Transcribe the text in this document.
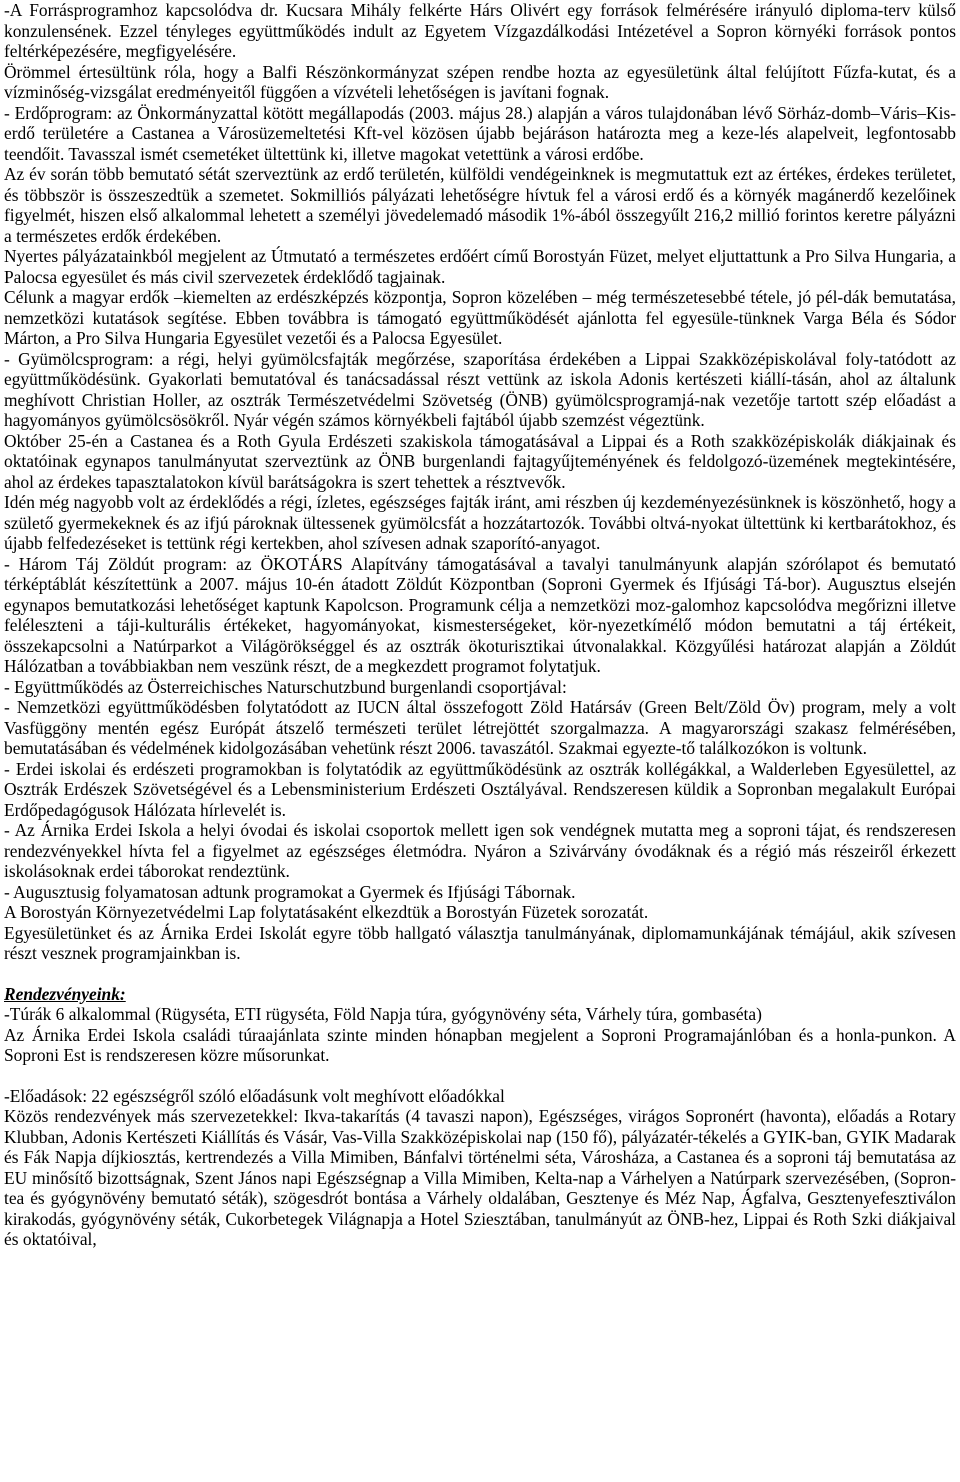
-A Forrásprogramhoz kapcsolódva dr. Kucsara Mihály felkérte Hárs Olivért egy források felmérésére irányuló diploma-terv külső konzulensének. Ezzel tényleges együttműködés indult az Egyetem Vízgazdálkodási Intézetével a Sopron környéki források pontos feltérképezésére, megfigyelésére.

Örömmel értesültünk róla, hogy a Balfi Részönkormányzat szépen rendbe hozta az egyesületünk által felújított Fűzfa-kutat, és a vízminőség-vizsgálat eredményeitől függően a vízvételi lehetőségen is javítani fognak.

- Erdőprogram: az Önkormányzattal kötött megállapodás (2003. május 28.) alapján a város tulajdonában lévő Sörház-domb–Váris–Kis-erdő területére a Castanea a Városüzemeltetési Kft-vel közösen újabb bejáráson határozta meg a keze-lés alapelveit, legfontosabb teendőit. Tavasszal ismét csemetéket ültettünk ki, illetve magokat vetettünk a városi erdőbe.

Az év során több bemutató sétát szerveztünk az erdő területén, külföldi vendégeinknek is megmutattuk ezt az értékes, érdekes területet, és többször is összeszedtük a szemetet. Sokmilliós pályázati lehetőségre hívtuk fel a városi erdő és a környék magánerdő kezelőinek figyelmét, hiszen első alkalommal lehetett a személyi jövedelemadó második 1%-ából összegyűlt 216,2 millió forintos keretre pályázni a természetes erdők érdekében.

Nyertes pályázatainkból megjelent az Útmutató a természetes erdőért című Borostyán Füzet, melyet eljuttattunk a Pro Silva Hungaria, a Palocsa egyesület és más civil szervezetek érdeklődő tagjainak.

Célunk a magyar erdők –kiemelten az erdészképzés központja, Sopron közelében – még természetesebbé tétele, jó pél-dák bemutatása, nemzetközi kutatások segítése. Ebben továbbra is támogató együttműködését ajánlotta fel egyesüle-tünknek Varga Béla és Sódor Márton, a Pro Silva Hungaria Egyesület vezetői és a Palocsa Egyesület.

- Gyümölcsprogram: a régi, helyi gyümölcsfajták megőrzése, szaporítása érdekében a Lippai Szakközépiskolával foly-tatódott az együttműködésünk. Gyakorlati bemutatóval és tanácsadással részt vettünk az iskola Adonis kertészeti kiállí-tásán, ahol az általunk meghívott Christian Holler, az osztrák Természetvédelmi Szövetség (ÖNB) gyümölcsprogramjá-nak vezetője tartott szép előadást a hagyományos gyümölcsösökről. Nyár végén számos környékbeli fajtából újabb szemzést végeztünk.

Október 25-én a Castanea és a Roth Gyula Erdészeti szakiskola támogatásával a Lippai és a Roth szakközépiskolák diákjainak és oktatóinak egynapos tanulmányutat szerveztünk az ÖNB burgenlandi fajtagyűjteményének és feldolgozó-üzemének megtekintésére, ahol az érdekes tapasztalatokon kívül barátságokra is szert tehettek a résztvevők.

Idén még nagyobb volt az érdeklődés a régi, ízletes, egészséges fajták iránt, ami részben új kezdeményezésünknek is köszönhető, hogy a születő gyermekeknek és az ifjú pároknak ültessenek gyümölcsfát a hozzátartozók. További oltvá-nyokat ültettünk ki kertbarátokhoz, és újabb felfedezéseket is tettünk régi kertekben, ahol szívesen adnak szaporító-anyagot.

- Három Táj Zöldút program: az ÖKOTÁRS Alapítvány támogatásával a tavalyi tanulmányunk alapján szórólapot és bemutató térképtáblát készítettünk a 2007. május 10-én átadott Zöldút Központban (Soproni Gyermek és Ifjúsági Tá-bor). Augusztus elsején egynapos bemutatkozási lehetőséget kaptunk Kapolcson. Programunk célja a nemzetközi moz-galomhoz kapcsolódva megőrizni illetve feléleszteni a táji-kulturális értékeket, hagyományokat, kismesterségeket, kör-nyezetkímélő módon bemutatni a táj értékeit, összekapcsolni a Natúrparkot a Világörökséggel és az osztrák ökoturisztikai útvonalakkal. Közgyűlési határozat alapján a Zöldút Hálózatban a továbbiakban nem veszünk részt, de a megkezdett programot folytatjuk.

- Együttműködés az Österreichisches Naturschutzbund burgenlandi csoportjával:

- Nemzetközi együttműködésben folytatódott az IUCN által összefogott Zöld Határsáv (Green Belt/Zöld Öv) program, mely a volt Vasfüggöny mentén egész Európát átszelő természeti terület létrejöttét szorgalmazza. A magyarországi szakasz felmérésében, bemutatásában és védelmének kidolgozásában vehetünk részt 2006. tavaszától. Szakmai egyezte-tő találkozókon is voltunk.

- Erdei iskolai és erdészeti programokban is folytatódik az együttműködésünk az osztrák kollégákkal, a Walderleben Egyesülettel, az Osztrák Erdészek Szövetségével és a Lebensministerium Erdészeti Osztályával. Rendszeresen küldik a Sopronban megalakult Európai Erdőpedagógusok Hálózata hírlevelét is.

- Az Árnika Erdei Iskola a helyi óvodai és iskolai csoportok mellett igen sok vendégnek mutatta meg a soproni tájat, és rendszeresen rendezvényekkel hívta fel a figyelmet az egészséges életmódra. Nyáron a Szivárvány óvodáknak és a régió más részeiről érkezett iskolásoknak erdei táborokat rendeztünk.

- Augusztusig folyamatosan adtunk programokat a Gyermek és Ifjúsági Tábornak.

A Borostyán Környezetvédelmi Lap folytatásaként elkezdtük a Borostyán Füzetek sorozatát.

Egyesületünket és az Árnika Erdei Iskolát egyre több hallgató választja tanulmányának, diplomamunkájának témájául, akik szívesen részt vesznek programjainkban is.

Rendezvényeink:

-Túrák 6 alkalommal (Rügyséta, ETI rügyséta, Föld Napja túra, gyógynövény séta, Várhely túra, gombaséta)

Az Árnika Erdei Iskola családi túraajánlata szinte minden hónapban megjelent a Soproni Programajánlóban és a honla-punkon. A Soproni Est is rendszeresen közre műsorunkat.

-Előadások: 22 egészségről szóló előadásunk volt meghívott előadókkal

Közös rendezvények más szervezetekkel: Ikva-takarítás (4 tavaszi napon), Egészséges, virágos Sopronért (havonta), előadás a Rotary Klubban, Adonis Kertészeti Kiállítás és Vásár, Vas-Villa Szakközépiskolai nap (150 fő), pályázatér-tékelés a GYIK-ban, GYIK Madarak és Fák Napja díjkiosztás, kertrendezés a Villa Mimiben, Bánfalvi történelmi séta, Városháza, a Castanea és a soproni táj bemutatása az EU minősítő bizottságnak, Szent János napi Egészségnap a Villa Mimiben, Kelta-nap a Várhelyen a Natúrpark szervezésében, (Sopron-tea és gyógynövény bemutató séták), szögesdrót bontása a Várhely oldalában, Gesztenye és Méz Nap, Ágfalva, Gesztenyefesztiválon kirakodás, gyógynövény séták, Cukorbetegek Világnapja a Hotel Sziesztában, tanulmányút az ÖNB-hez, Lippai és Roth Szki diákjaival és oktatóival,
